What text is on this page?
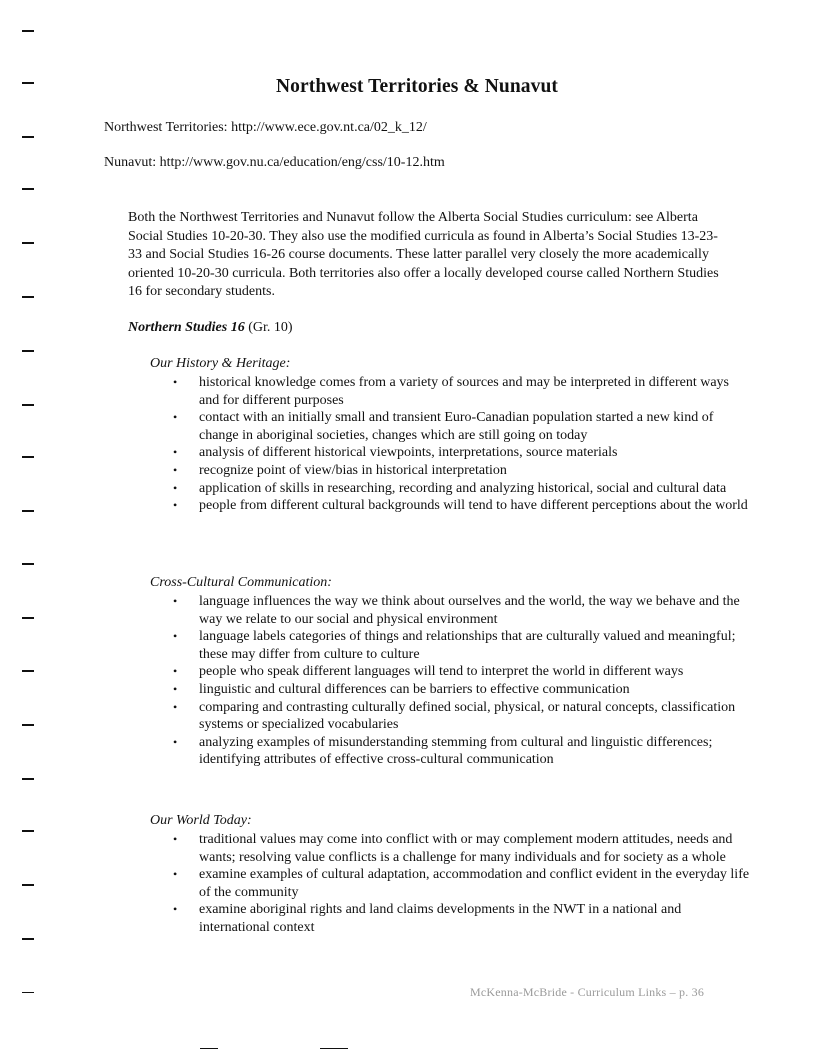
Northwest Territories & Nunavut
Northwest Territories: http://www.ece.gov.nt.ca/02_k_12/
Nunavut: http://www.gov.nu.ca/education/eng/css/10-12.htm
Both the Northwest Territories and Nunavut follow the Alberta Social Studies curriculum: see Alberta Social Studies 10-20-30. They also use the modified curricula as found in Alberta’s Social Studies 13-23-33 and Social Studies 16-26 course documents. These latter parallel very closely the more academically oriented 10-20-30 curricula. Both territories also offer a locally developed course called Northern Studies 16 for secondary students.
Northern Studies 16 (Gr. 10)
Our History & Heritage:
• historical knowledge comes from a variety of sources and may be interpreted in different ways and for different purposes
• contact with an initially small and transient Euro-Canadian population started a new kind of change in aboriginal societies, changes which are still going on today
• analysis of different historical viewpoints, interpretations, source materials
• recognize point of view/bias in historical interpretation
• application of skills in researching, recording and analyzing historical, social and cultural data
• people from different cultural backgrounds will tend to have different perceptions about the world
Cross-Cultural Communication:
• language influences the way we think about ourselves and the world, the way we behave and the way we relate to our social and physical environment
• language labels categories of things and relationships that are culturally valued and meaningful; these may differ from culture to culture
• people who speak different languages will tend to interpret the world in different ways
• linguistic and cultural differences can be barriers to effective communication
• comparing and contrasting culturally defined social, physical, or natural concepts, classification systems or specialized vocabularies
• analyzing examples of misunderstanding stemming from cultural and linguistic differences; identifying attributes of effective cross-cultural communication
Our World Today:
• traditional values may come into conflict with or may complement modern attitudes, needs and wants; resolving value conflicts is a challenge for many individuals and for society as a whole
• examine examples of cultural adaptation, accommodation and conflict evident in the everyday life of the community
• examine aboriginal rights and land claims developments in the NWT in a national and international context
McKenna-McBride - Curriculum Links – p. 36
